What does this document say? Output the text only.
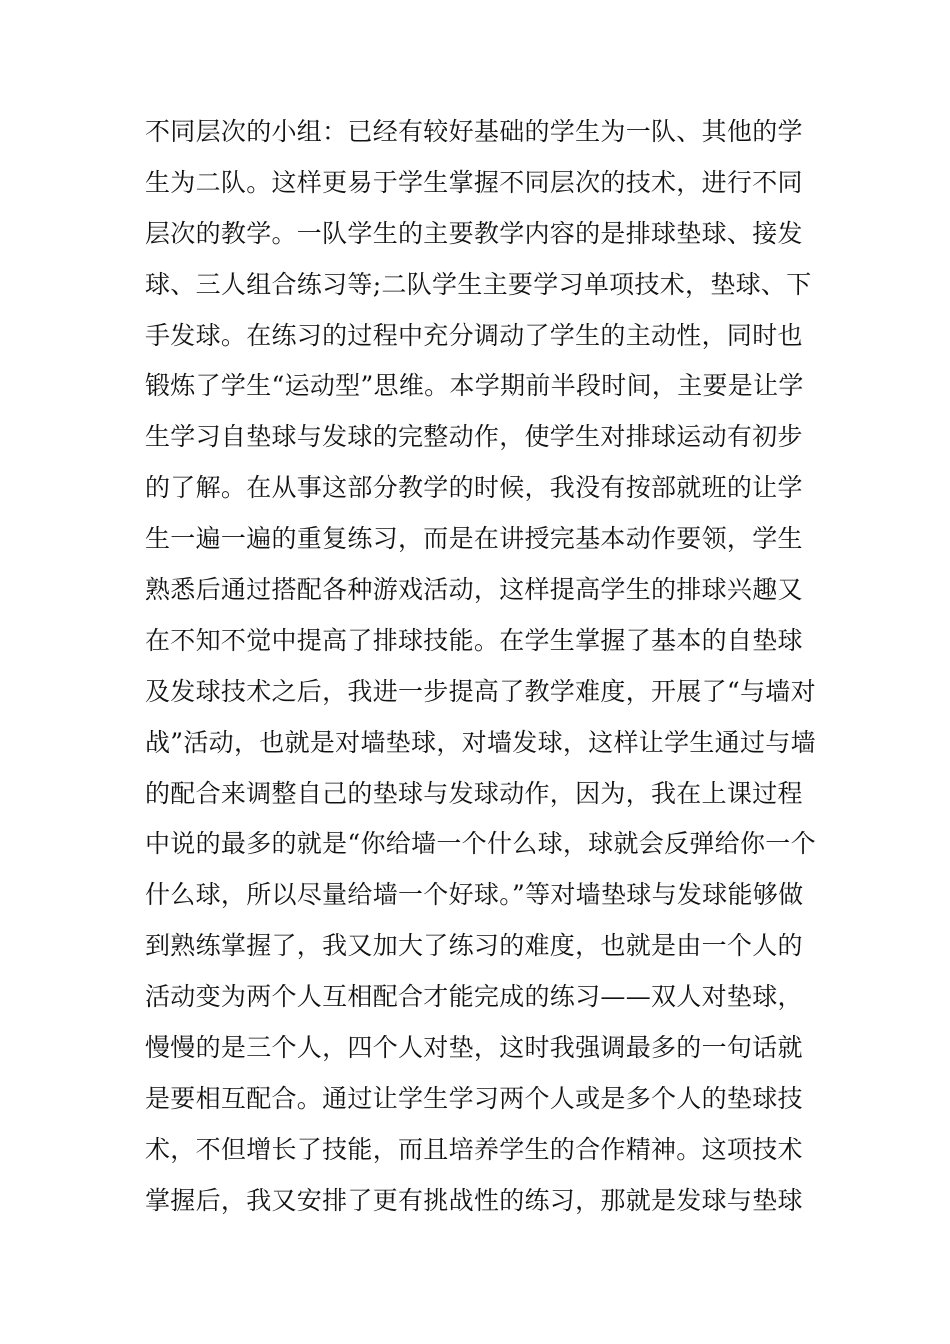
不同层次的小组：已经有较好基础的学生为一队、其他的学
生为二队。这样更易于学生掌握不同层次的技术，进行不同
层次的教学。一队学生的主要教学内容的是排球垫球、接发
球、三人组合练习等;二队学生主要学习单项技术，垫球、下
手发球。在练习的过程中充分调动了学生的主动性，同时也
锻炼了学生“运动型”思维。本学期前半段时间，主要是让学
生学习自垫球与发球的完整动作，使学生对排球运动有初步
的了解。在从事这部分教学的时候，我没有按部就班的让学
生一遍一遍的重复练习，而是在讲授完基本动作要领，学生
熟悉后通过搭配各种游戏活动，这样提高学生的排球兴趣又
在不知不觉中提高了排球技能。在学生掌握了基本的自垫球
及发球技术之后，我进一步提高了教学难度，开展了“与墙对
战”活动，也就是对墙垫球，对墙发球，这样让学生通过与墙
的配合来调整自己的垫球与发球动作，因为，我在上课过程
中说的最多的就是“你给墙一个什么球，球就会反弹给你一个
什么球，所以尽量给墙一个好球。”等对墙垫球与发球能够做
到熟练掌握了，我又加大了练习的难度，也就是由一个人的
活动变为两个人互相配合才能完成的练习——双人对垫球，
慢慢的是三个人，四个人对垫，这时我强调最多的一句话就
是要相互配合。通过让学生学习两个人或是多个人的垫球技
术，不但增长了技能，而且培养学生的合作精神。这项技术
掌握后，我又安排了更有挑战性的练习，那就是发球与垫球
